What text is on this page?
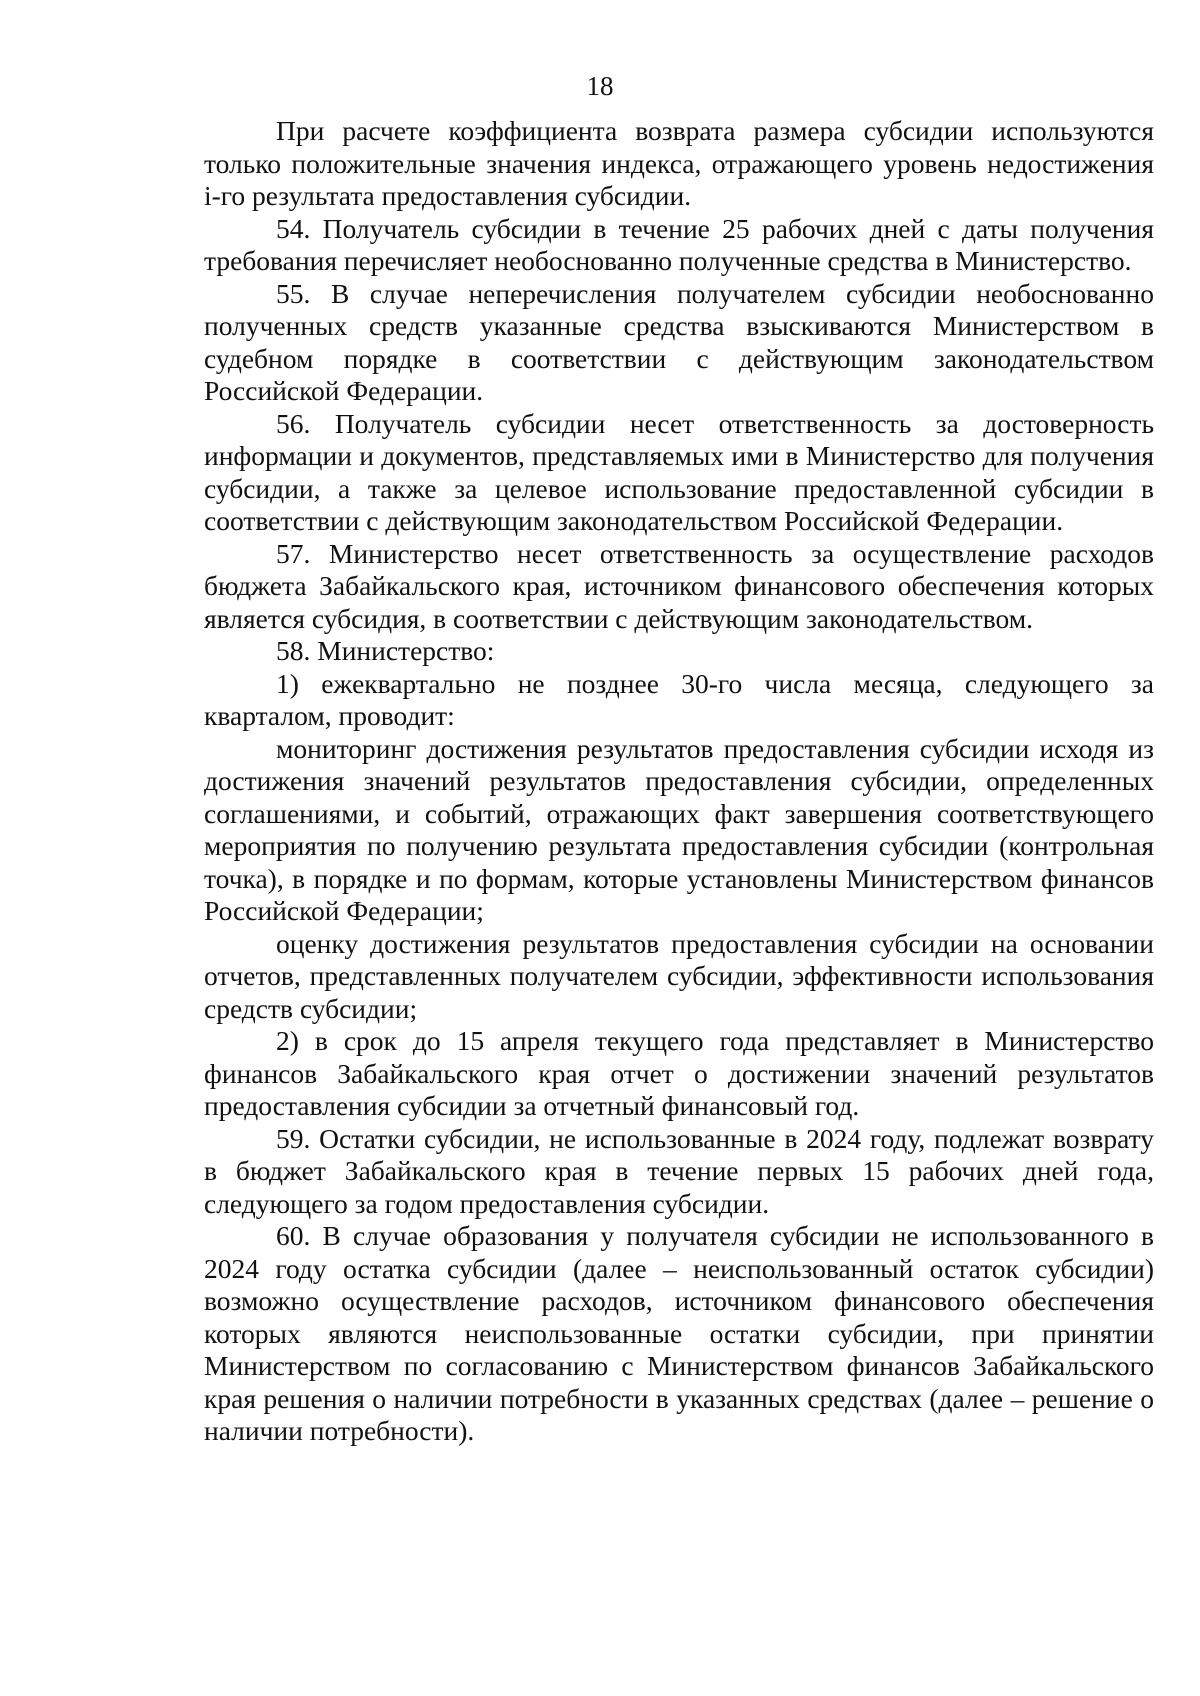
18

При расчете коэффициента возврата размера субсидии используются только положительные значения индекса, отражающего уровень недостижения i-го результата предоставления субсидии.

54. Получатель субсидии в течение 25 рабочих дней с даты получения требования перечисляет необоснованно полученные средства в Министерство.

55. В случае неперечисления получателем субсидии необоснованно полученных средств указанные средства взыскиваются Министерством в судебном порядке в соответствии с действующим законодательством Российской Федерации.

56. Получатель субсидии несет ответственность за достоверность информации и документов, представляемых ими в Министерство для получения субсидии, а также за целевое использование предоставленной субсидии в соответствии с действующим законодательством Российской Федерации.

57. Министерство несет ответственность за осуществление расходов бюджета Забайкальского края, источником финансового обеспечения которых является субсидия, в соответствии с действующим законодательством.

58. Министерство:

1) ежеквартально не позднее 30-го числа месяца, следующего за кварталом, проводит:

мониторинг достижения результатов предоставления субсидии исходя из достижения значений результатов предоставления субсидии, определенных соглашениями, и событий, отражающих факт завершения соответствующего мероприятия по получению результата предоставления субсидии (контрольная точка), в порядке и по формам, которые установлены Министерством финансов Российской Федерации;

оценку достижения результатов предоставления субсидии на основании отчетов, представленных получателем субсидии, эффективности использования средств субсидии;

2) в срок до 15 апреля текущего года представляет в Министерство финансов Забайкальского края отчет о достижении значений результатов предоставления субсидии за отчетный финансовый год.

59. Остатки субсидии, не использованные в 2024 году, подлежат возврату в бюджет Забайкальского края в течение первых 15 рабочих дней года, следующего за годом предоставления субсидии.

60. В случае образования у получателя субсидии не использованного в 2024 году остатка субсидии (далее – неиспользованный остаток субсидии) возможно осуществление расходов, источником финансового обеспечения которых являются неиспользованные остатки субсидии, при принятии Министерством по согласованию с Министерством финансов Забайкальского края решения о наличии потребности в указанных средствах (далее – решение о наличии потребности).
